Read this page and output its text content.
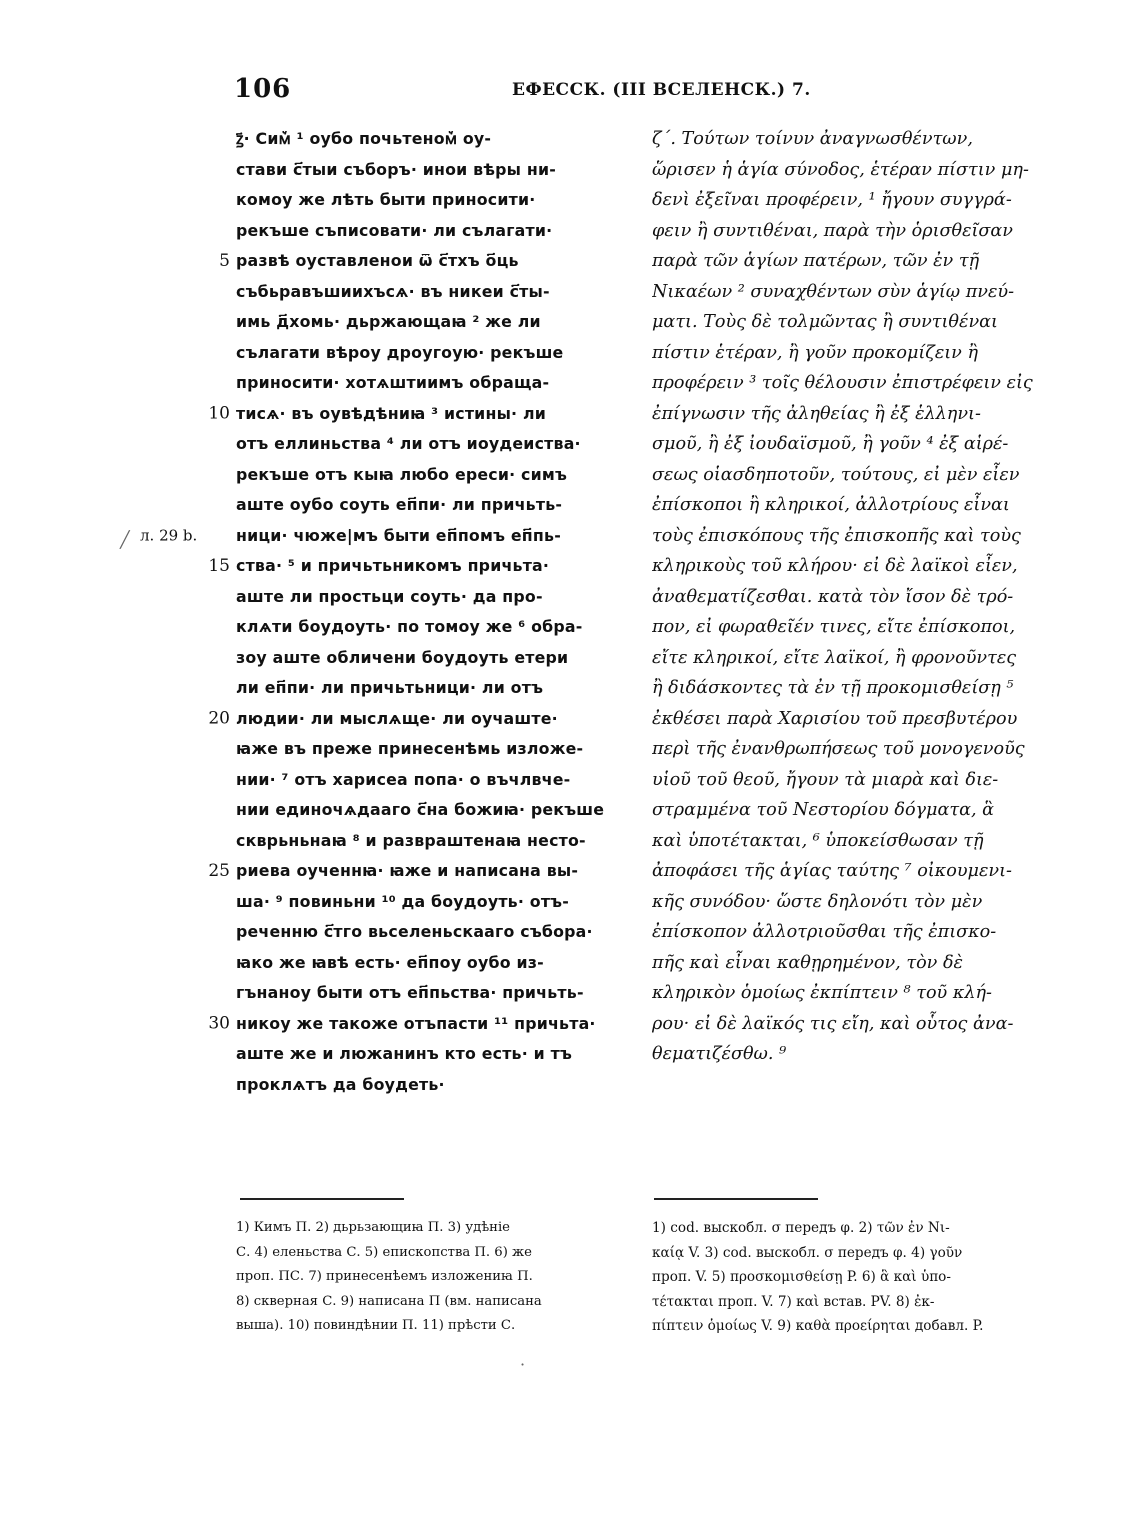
106	ЕФЕСCК. (III ВСЕЛЕНСК.) 7.
5
10
15
20
25
30
л. 29 b.
╱
·
ꙁ҃· Сим꙽ ¹ оубо почьтеном꙽ оу-
стави с҃тыи съборъ· инои вѣры ни-
комоу же лѣть быти приносити·
рекъше съписовати· ли сълагати·
развѣ оуставленои ѿ с҃тхъ о҃ць
събьравъшиихъсѧ· въ никеи с҃ты-
имь д҃хомь· дьржающаꙗ ² же ли
сълагати вѣроу дроугоую· рекъше
приносити· хотѧштиимъ обраща-
тисѧ· въ оувѣдѣниꙗ ³ истины· ли
отъ еллиньства ⁴ ли отъ иоудеиства·
рекъше отъ кыꙗ любо ереси· симъ
аште оубо соуть еп҃пи· ли причьть-
ници· чюже|мъ быти еп҃помъ еп҃пь-
ства· ⁵ и причьтьникомъ причьта·
аште ли простьци соуть· да про-
клѧти боудоуть· по томоу же ⁶ обра-
зоу аште обличени боудоуть етери
ли еп҃пи· ли причьтьници· ли отъ
людии· ли мыслѧще· ли оучаште·
ꙗже въ преже принесенѣмь изложе-
нии· ⁷ отъ харисеа попа· о въчлвче-
нии единочѧдааго с҃на божиꙗ· рекъше
скврьньнаꙗ ⁸ и развраштенаꙗ несто-
риева оученнꙗ· ꙗже и написана вы-
ша· ⁹ повиньни ¹⁰ да боудоуть· отъ-
реченню с҃тго вьселеньскааго събора·
ꙗко же ꙗвѣ есть· еп҃поу оубо из-
гънаноу быти отъ еп҃пьства· причьть-
никоу же такоже отъпасти ¹¹ причьта·
аште же и люжанинъ кто есть· и тъ
проклѧтъ да боудеть·
ζ΄. Τούτων τοίνυν ἀναγνωσθέντων,
ὥρισεν ἡ ἁγία σύνοδος, ἑτέραν πίστιν μη-
δενὶ ἐξεῖναι προφέρειν, ¹ ἤγουν συγγρά-
φειν ἢ συντιθέναι, παρὰ τὴν ὁρισθεῖσαν
παρὰ τῶν ἁγίων πατέρων, τῶν ἐν τῇ
Νικαέων ² συναχθέντων σὺν ἁγίῳ πνεύ-
ματι. Τοὺς δὲ τολμῶντας ἢ συντιθέναι
πίστιν ἑτέραν, ἢ γοῦν προκομίζειν ἢ
προφέρειν ³ τοῖς θέλουσιν ἐπιστρέφειν εἰς
ἐπίγνωσιν τῆς ἀληθείας ἢ ἐξ ἑλληνι-
σμοῦ, ἢ ἐξ ἰουδαϊσμοῦ, ἢ γοῦν ⁴ ἐξ αἱρέ-
σεως οἱασδηποτοῦν, τούτους, εἰ μὲν εἶεν
ἐπίσκοποι ἢ κληρικοί, ἀλλοτρίους εἶναι
τοὺς ἐπισκόπους τῆς ἐπισκοπῆς καὶ τοὺς
κληρικοὺς τοῦ κλήρου· εἰ δὲ λαϊκοὶ εἶεν,
ἀναθεματίζεσθαι. κατὰ τὸν ἴσον δὲ τρό-
πον, εἰ φωραθεῖέν τινες, εἴτε ἐπίσκοποι,
εἴτε κληρικοί, εἴτε λαϊκοί, ἢ φρονοῦντες
ἢ διδάσκοντες τὰ ἐν τῇ προκομισθείσῃ ⁵
ἐκθέσει παρὰ Χαρισίου τοῦ πρεσβυτέρου
περὶ τῆς ἐνανθρωπήσεως τοῦ μονογενοῦς
υἱοῦ τοῦ θεοῦ, ἤγουν τὰ μιαρὰ καὶ διε-
στραμμένα τοῦ Νεστορίου δόγματα, ἃ
καὶ ὑποτέτακται, ⁶ ὑποκείσθωσαν τῇ
ἀποφάσει τῆς ἁγίας ταύτης ⁷ οἰκουμενι-
κῆς συνόδου· ὥστε δηλονότι τὸν μὲν
ἐπίσκοπον ἀλλοτριοῦσθαι τῆς ἐπισκο-
πῆς καὶ εἶναι καθῃρημένον, τὸν δὲ
κληρικὸν ὁμοίως ἐκπίπτειν ⁸ τοῦ κλή-
ρου· εἰ δὲ λαϊκός τις εἴη, καὶ οὗτος ἀνα-
θεματιζέσθω. ⁹
1) Кимъ П. 2) дьрьзающиꙗ П. 3) удѣнiе
С. 4) еленьства С. 5) епископства П. 6) же
проп. ПС. 7) принесенѣемъ изложениꙗ П.
8) скверная С. 9) написана П (вм. написана
выша). 10) повиндѣнии П. 11) прѣсти С.
1) cod. выскобл. σ передъ φ. 2) τῶν ἐν Νι-
καίᾳ V. 3) cod. выскобл. σ передъ φ. 4) γοῦν
проп. V. 5) προσκομισθείσῃ P. 6) ἃ καὶ ὑπο-
τέτακται проп. V. 7) καὶ встав. PV. 8) ἐκ-
πίπτειν ὁμοίως V. 9) καθὰ προείρηται добавл. P.
